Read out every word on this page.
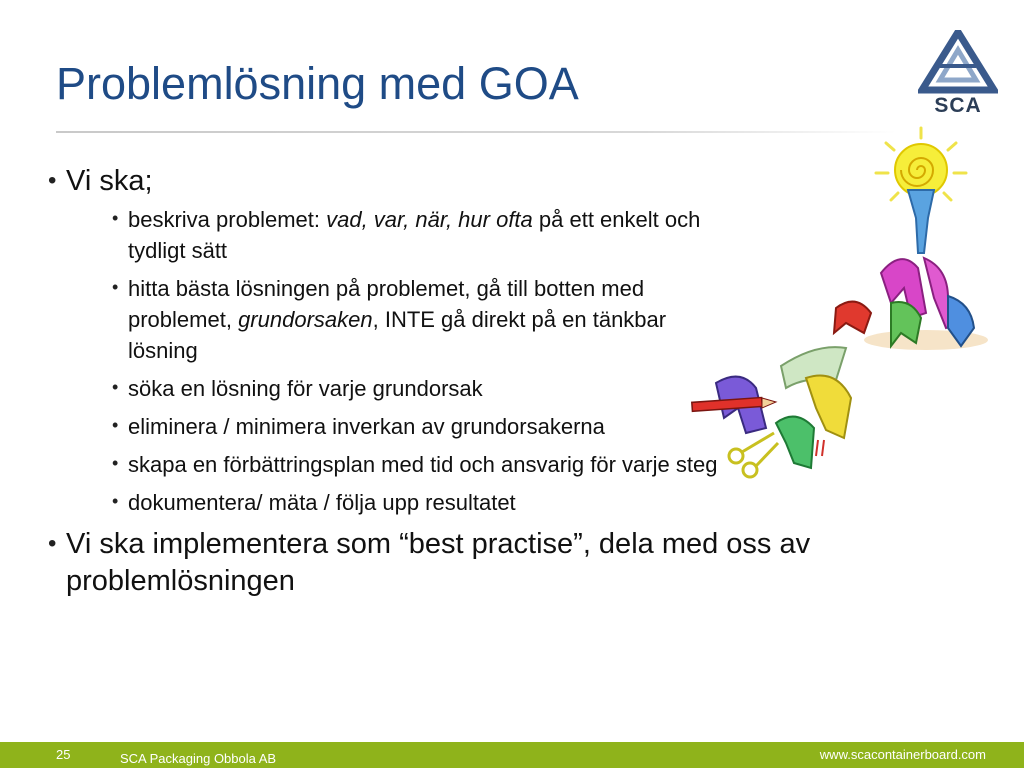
Problemlösning med GOA	SCA
• Vi ska;
• beskriva problemet: vad, var, när, hur ofta på ett enkelt och tydligt sätt
• hitta bästa lösningen på problemet, gå till botten med problemet, grundorsaken, INTE gå direkt på en tänkbar lösning
• söka en lösning för varje grundorsak
• eliminera / minimera inverkan av grundorsakerna
• skapa en förbättringsplan med tid och ansvarig för varje steg
• dokumentera/ mäta / följa upp resultatet
• Vi ska implementera som “best practise”, dela med oss av problemlösningen
25	SCA Packaging Obbola AB	www.scacontainerboard.com
